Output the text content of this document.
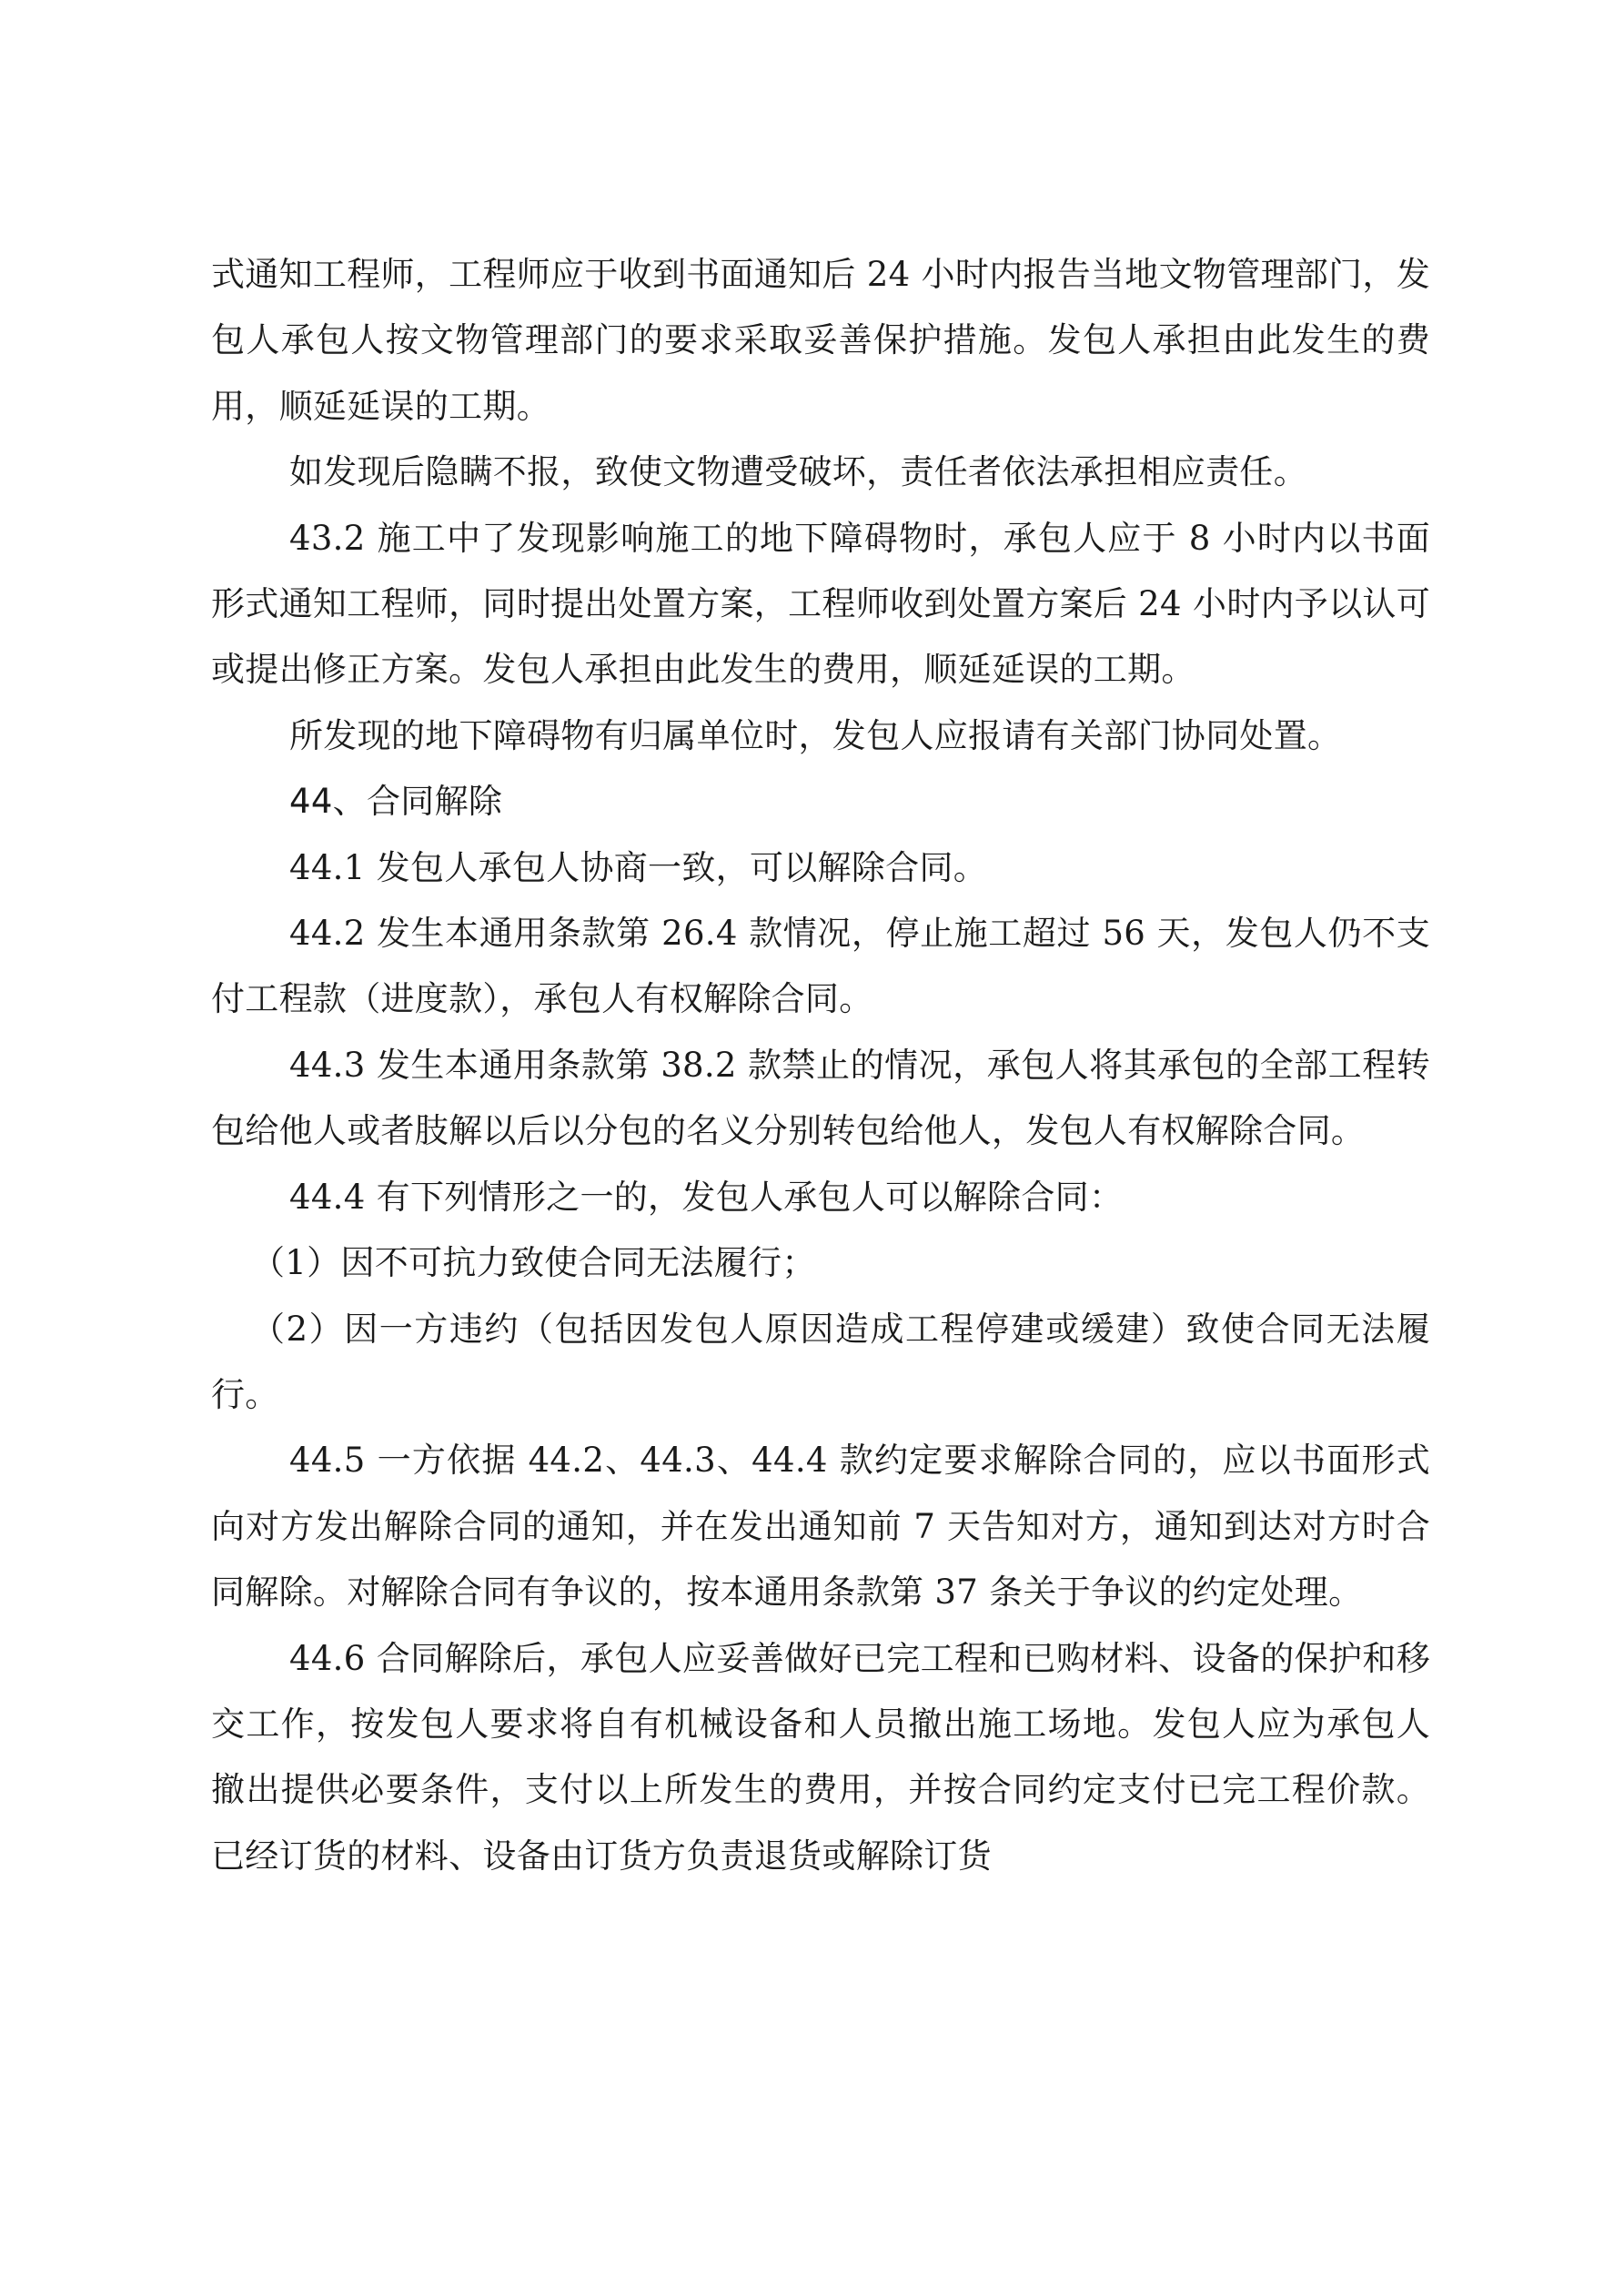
式通知工程师，工程师应于收到书面通知后 24 小时内报告当地文物管理部门，发包人承包人按文物管理部门的要求采取妥善保护措施。发包人承担由此发生的费用，顺延延误的工期。

如发现后隐瞒不报，致使文物遭受破坏，责任者依法承担相应责任。

43.2 施工中了发现影响施工的地下障碍物时，承包人应于 8 小时内以书面形式通知工程师，同时提出处置方案，工程师收到处置方案后 24 小时内予以认可或提出修正方案。发包人承担由此发生的费用，顺延延误的工期。

所发现的地下障碍物有归属单位时，发包人应报请有关部门协同处置。

44、合同解除

44.1 发包人承包人协商一致，可以解除合同。

44.2 发生本通用条款第 26.4 款情况，停止施工超过 56 天，发包人仍不支付工程款（进度款），承包人有权解除合同。

44.3 发生本通用条款第 38.2 款禁止的情况，承包人将其承包的全部工程转包给他人或者肢解以后以分包的名义分别转包给他人，发包人有权解除合同。

44.4 有下列情形之一的，发包人承包人可以解除合同：

（1）因不可抗力致使合同无法履行；

（2）因一方违约（包括因发包人原因造成工程停建或缓建）致使合同无法履行。

44.5 一方依据 44.2、44.3、44.4 款约定要求解除合同的，应以书面形式向对方发出解除合同的通知，并在发出通知前 7 天告知对方，通知到达对方时合同解除。对解除合同有争议的，按本通用条款第 37 条关于争议的约定处理。

44.6 合同解除后，承包人应妥善做好已完工程和已购材料、设备的保护和移交工作，按发包人要求将自有机械设备和人员撤出施工场地。发包人应为承包人撤出提供必要条件，支付以上所发生的费用，并按合同约定支付已完工程价款。已经订货的材料、设备由订货方负责退货或解除订货
